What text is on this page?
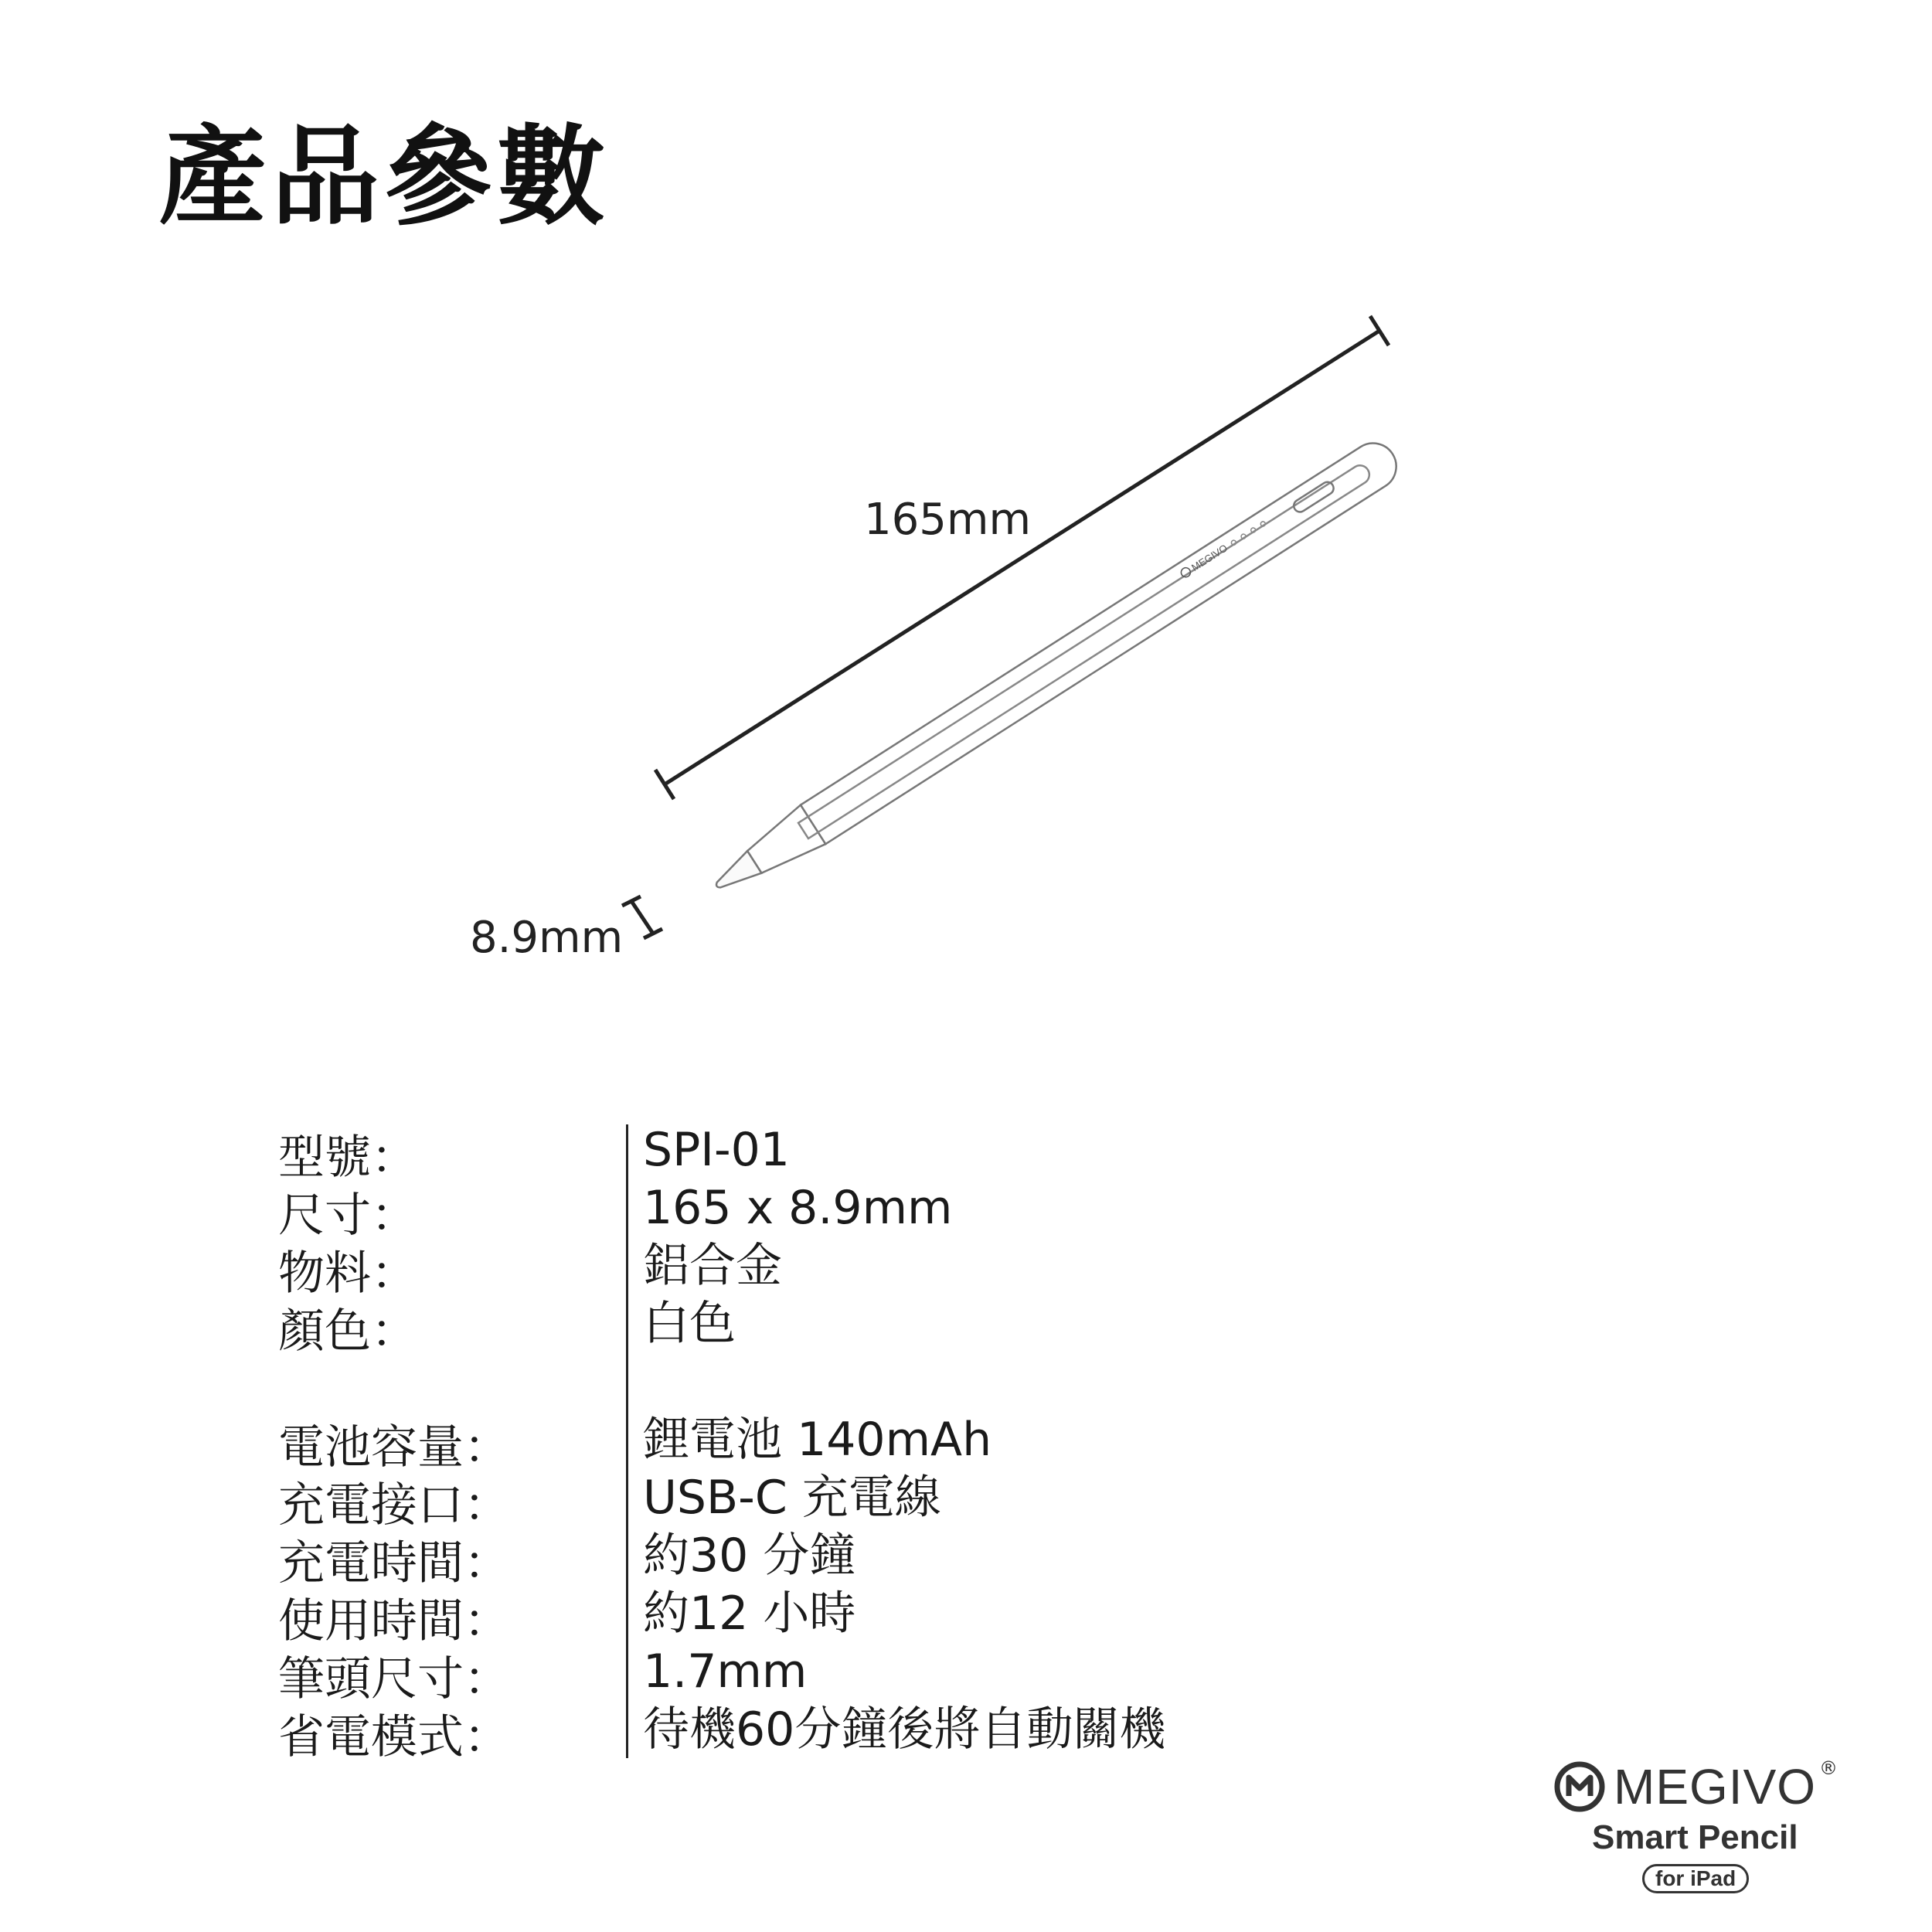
產品參數
MEGIVO
165mm
8.9mm
型號：	SPI-01
尺寸：	165 x 8.9mm
物料：	鋁合金
顏色：	白色
電池容量：	鋰電池 140mAh
充電接口：	USB-C 充電線
充電時間：	約30 分鐘
使用時間：	約12 小時
筆頭尺寸：	1.7mm
省電模式：	待機60分鐘後將自動關機
MEGIVO ®
Smart Pencil
for iPad
